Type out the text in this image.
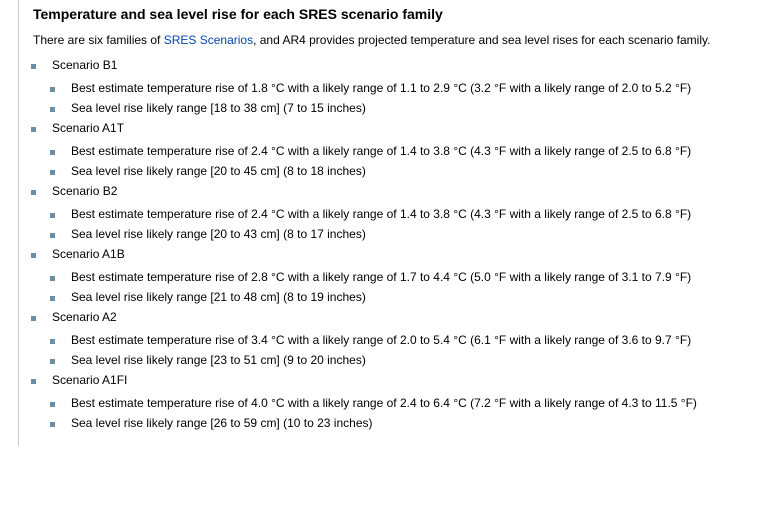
Temperature and sea level rise for each SRES scenario family
There are six families of SRES Scenarios, and AR4 provides projected temperature and sea level rises for each scenario family.
Scenario B1
Best estimate temperature rise of 1.8 °C with a likely range of 1.1 to 2.9 °C (3.2 °F with a likely range of 2.0 to 5.2 °F)
Sea level rise likely range [18 to 38 cm] (7 to 15 inches)
Scenario A1T
Best estimate temperature rise of 2.4 °C with a likely range of 1.4 to 3.8 °C (4.3 °F with a likely range of 2.5 to 6.8 °F)
Sea level rise likely range [20 to 45 cm] (8 to 18 inches)
Scenario B2
Best estimate temperature rise of 2.4 °C with a likely range of 1.4 to 3.8 °C (4.3 °F with a likely range of 2.5 to 6.8 °F)
Sea level rise likely range [20 to 43 cm] (8 to 17 inches)
Scenario A1B
Best estimate temperature rise of 2.8 °C with a likely range of 1.7 to 4.4 °C (5.0 °F with a likely range of 3.1 to 7.9 °F)
Sea level rise likely range [21 to 48 cm] (8 to 19 inches)
Scenario A2
Best estimate temperature rise of 3.4 °C with a likely range of 2.0 to 5.4 °C (6.1 °F with a likely range of 3.6 to 9.7 °F)
Sea level rise likely range [23 to 51 cm] (9 to 20 inches)
Scenario A1FI
Best estimate temperature rise of 4.0 °C with a likely range of 2.4 to 6.4 °C (7.2 °F with a likely range of 4.3 to 11.5 °F)
Sea level rise likely range [26 to 59 cm] (10 to 23 inches)
